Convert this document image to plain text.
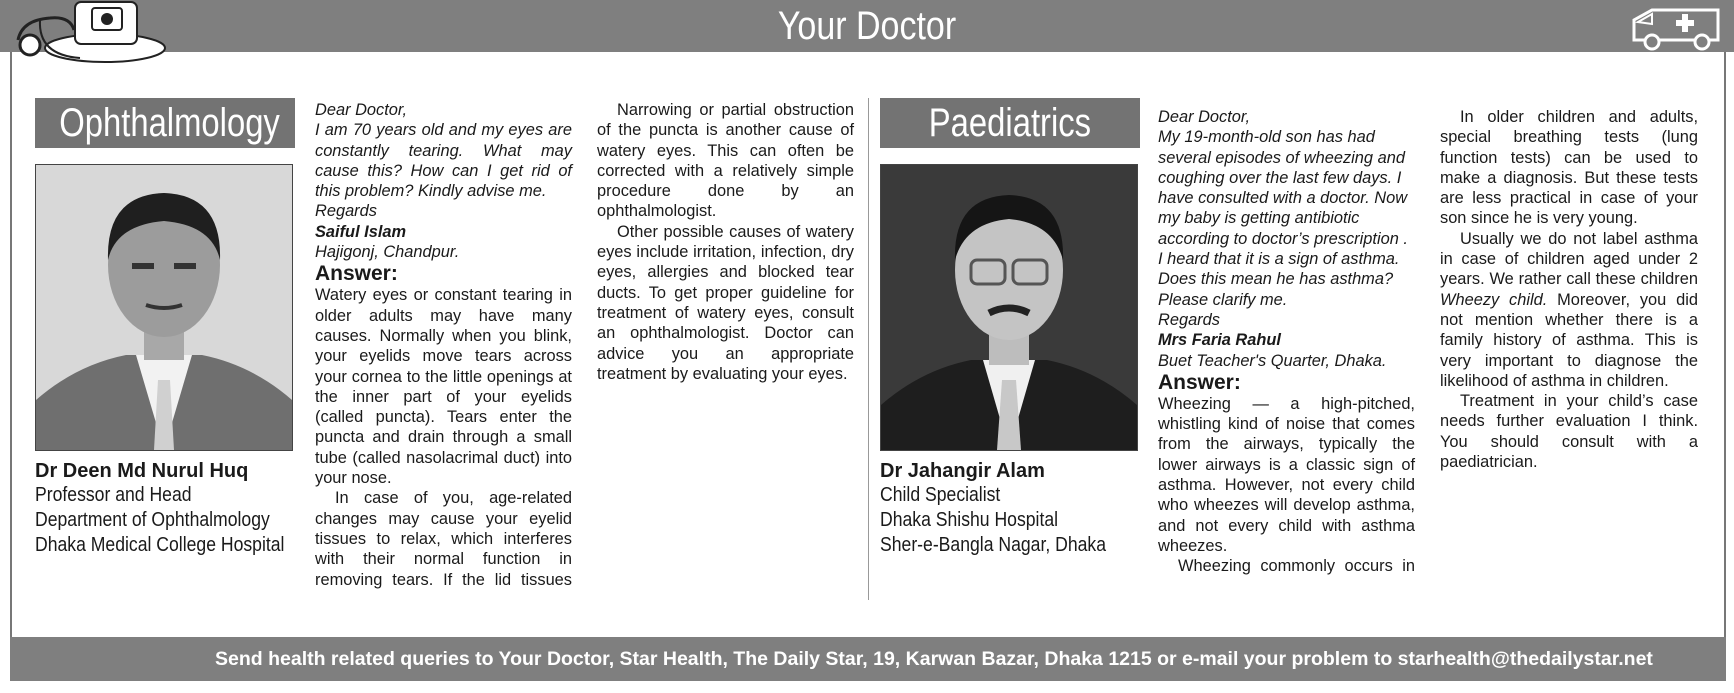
Your Doctor
Ophthalmology
Dr Deen Md Nurul Huq
Professor and Head
Department of Ophthalmology
Dhaka Medical College Hospital

Dear Doctor,
I am 70 years old and my eyes are constantly tearing. What may cause this? How can I get rid of this problem? Kindly advise me.
Regards

Saiful Islam

Hajigonj, Chandpur.

Answer:

Watery eyes or constant tearing in older adults may have many causes. Normally when you blink, your eyelids move tears across your cornea to the little openings at the inner part of your eyelids (called puncta). Tears enter the puncta and drain through a small tube (called nasolacrimal duct) into your nose.

In case of you, age-related changes may cause your eyelid tissues to relax, which interferes with their normal function in removing tears. If the lid tissues

Narrowing or partial obstruction of the puncta is another cause of watery eyes. This can often be corrected with a relatively simple procedure done by an ophthalmologist.

Other possible causes of watery eyes include irritation, infection, dry eyes, allergies and blocked tear ducts. To get proper guideline for treatment of watery eyes, consult an ophthalmologist. Doctor can advice you an appropriate treatment by evaluating your eyes.

Paediatrics
Dr Jahangir Alam
Child Specialist
Dhaka Shishu Hospital
Sher-e-Bangla Nagar, Dhaka

Dear Doctor,
My 19-month-old son has had several episodes of wheezing and coughing over the last few days. I have consulted with a doctor. Now my baby is getting antibiotic according to doctor’s prescription . I heard that it is a sign of asthma. Does this mean he has asthma? Please clarify me.
Regards

Mrs Faria Rahul

Buet Teacher's Quarter, Dhaka.

Answer:

Wheezing — a high-pitched, whistling kind of noise that comes from the airways, typically the lower airways is a classic sign of asthma. However, not every child who wheezes will develop asthma, and not every child with asthma wheezes.

Wheezing commonly occurs in

In older children and adults, special breathing tests (lung function tests) can be used to make a diagnosis. But these tests are less practical in case of your son since he is very young.

Usually we do not label asthma in case of children aged under 2 years. We rather call these children Wheezy child. Moreover, you did not mention whether there is a family history of asthma. This is very important to diagnose the likelihood of asthma in children.

Treatment in your child’s case needs further evaluation I think. You should consult with a paediatrician.

Send health related queries to Your Doctor, Star Health, The Daily Star, 19, Karwan Bazar, Dhaka 1215 or e-mail your problem to starhealth@thedailystar.net
